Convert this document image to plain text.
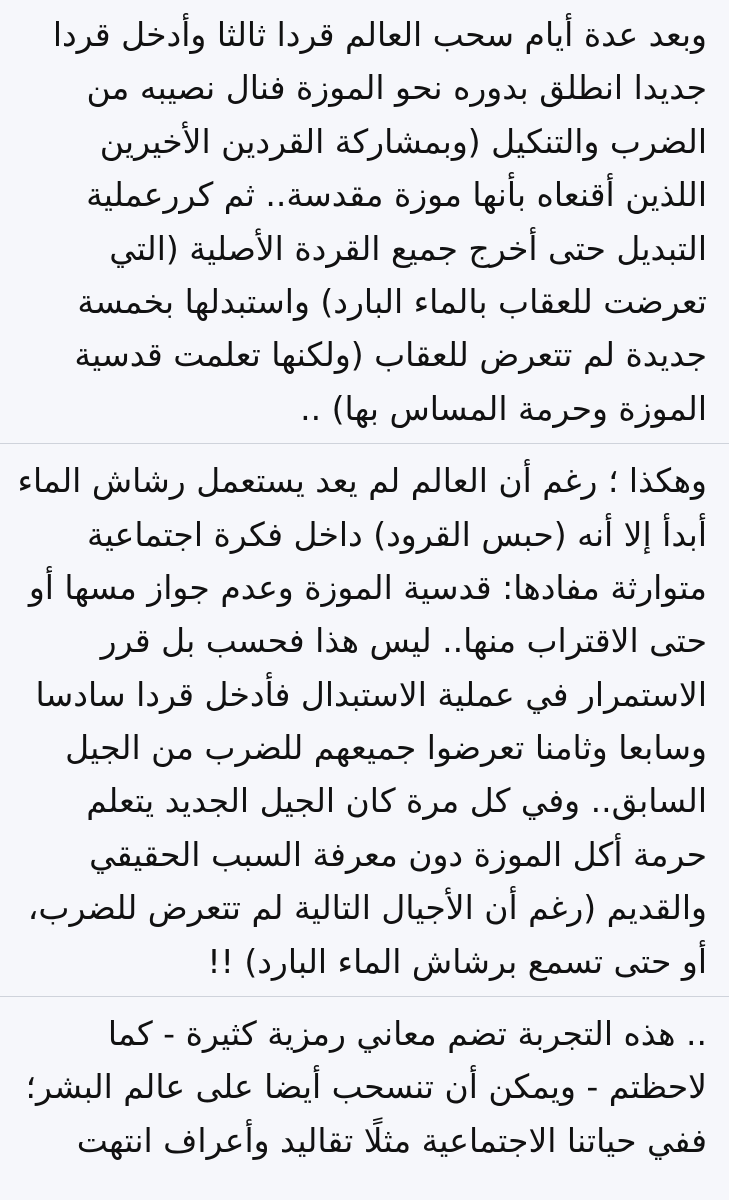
وبعد عدة أيام سحب العالم قردا ثالثا وأدخل قردا
جديدا انطلق بدوره نحو الموزة فنال نصيبه من
الضرب والتنكيل (وبمشاركة القردين الأخيرين
اللذين أقنعاه بأنها موزة مقدسة.. ثم كررعملية
التبديل حتى أخرج جميع القردة الأصلية (التي
تعرضت للعقاب بالماء البارد) واستبدلها بخمسة
جديدة لم تتعرض للعقاب (ولكنها تعلمت قدسية
الموزة وحرمة المساس بها) ..
وهكذا ؛ رغم أن العالم لم يعد يستعمل رشاش الماء
أبدأ إلا أنه (حبس القرود) داخل فكرة اجتماعية
متوارثة مفادها: قدسية الموزة وعدم جواز مسها أو
حتى الاقتراب منها.. ليس هذا فحسب بل قرر
الاستمرار في عملية الاستبدال فأدخل قردا سادسا
وسابعا وثامنا تعرضوا جميعهم للضرب من الجيل
السابق.. وفي كل مرة كان الجيل الجديد يتعلم
حرمة أكل الموزة دون معرفة السبب الحقيقي
والقديم (رغم أن الأجيال التالية لم تتعرض للضرب،
أو حتى تسمع برشاش الماء البارد) !!
.. هذه التجربة تضم معاني رمزية كثيرة - كما
لاحظتم - ويمكن أن تنسحب أيضا على عالم البشر؛
ففي حياتنا الاجتماعية مثلًا تقاليد وأعراف انتهت
